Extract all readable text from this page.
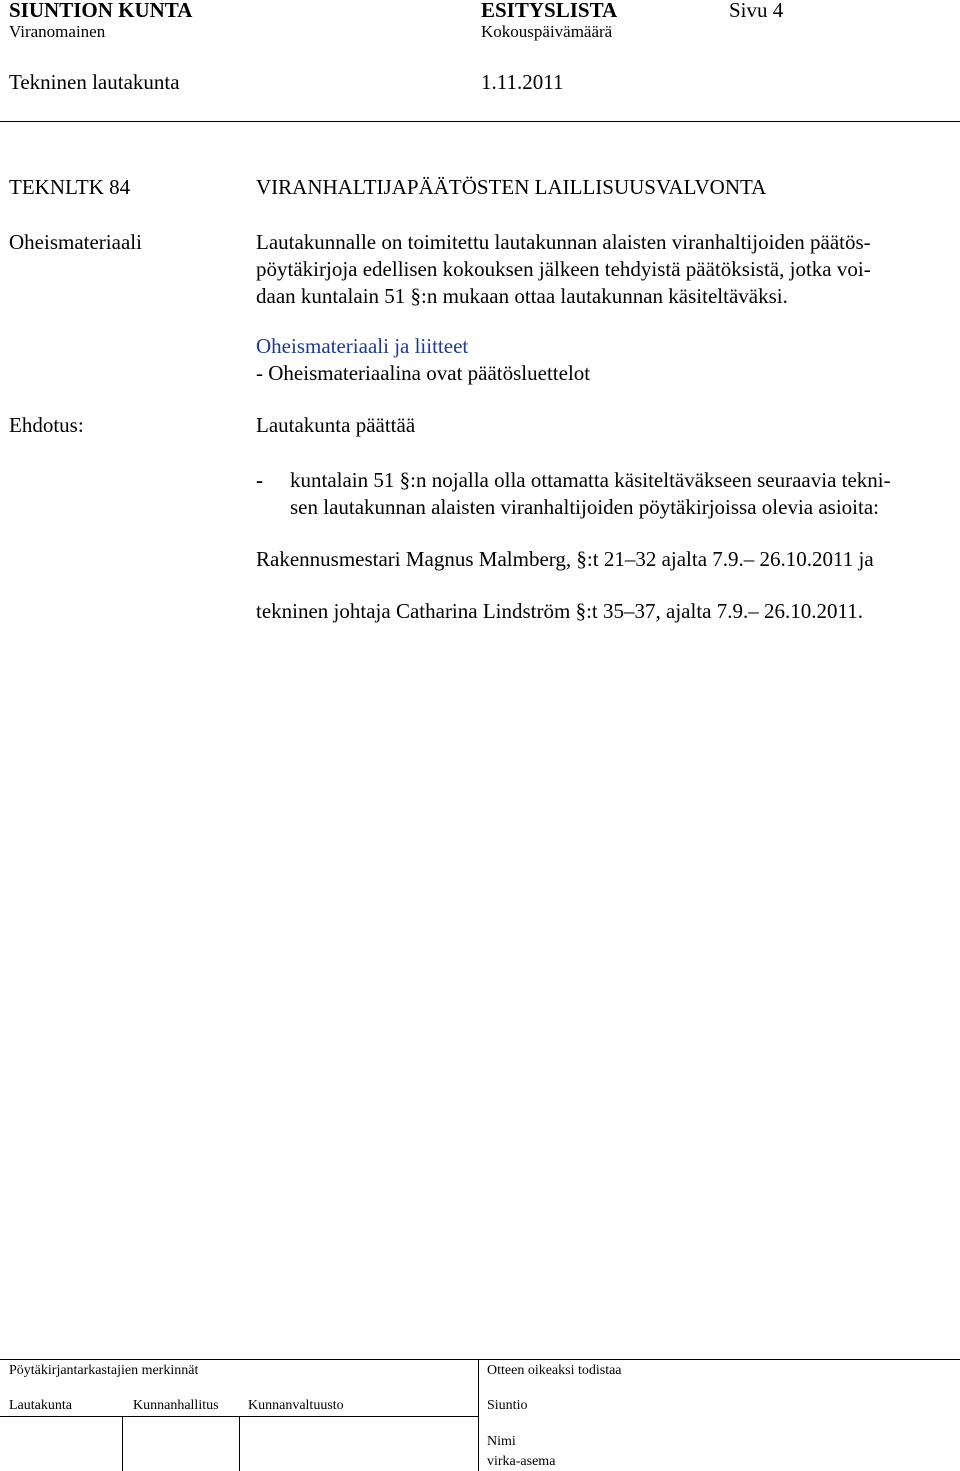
SIUNTION KUNTA	ESITYSLISTA	Sivu 4
Viranomainen	Kokouspäivämäärä
Tekninen lautakunta	1.11.2011
TEKNLTK 84	VIRANHALTIJAPÄÄTÖSTEN LAILLISUUSVALVONTA
Oheismateriaali	Lautakunnalle on toimitettu lautakunnan alaisten viranhaltijoiden päätös-
pöytäkirjoja edellisen kokouksen jälkeen tehdyistä päätöksistä, jotka voi-
daan kuntalain 51 §:n mukaan ottaa lautakunnan käsiteltäväksi.
Oheismateriaali ja liitteet
- Oheismateriaalina ovat päätösluettelot
Ehdotus:	Lautakunta päättää
- kuntalain 51 §:n nojalla olla ottamatta käsiteltäväkseen seuraavia tekni-
sen lautakunnan alaisten viranhaltijoiden pöytäkirjoissa olevia asioita:
Rakennusmestari Magnus Malmberg, §:t 21–32 ajalta 7.9.– 26.10.2011 ja
tekninen johtaja Catharina Lindström §:t 35–37, ajalta 7.9.– 26.10.2011.
Pöytäkirjantarkastajien merkinnät	Otteen oikeaksi todistaa
Lautakunta	Kunnanhallitus Kunnanvaltuusto	Siuntio
Nimi
virka-asema
